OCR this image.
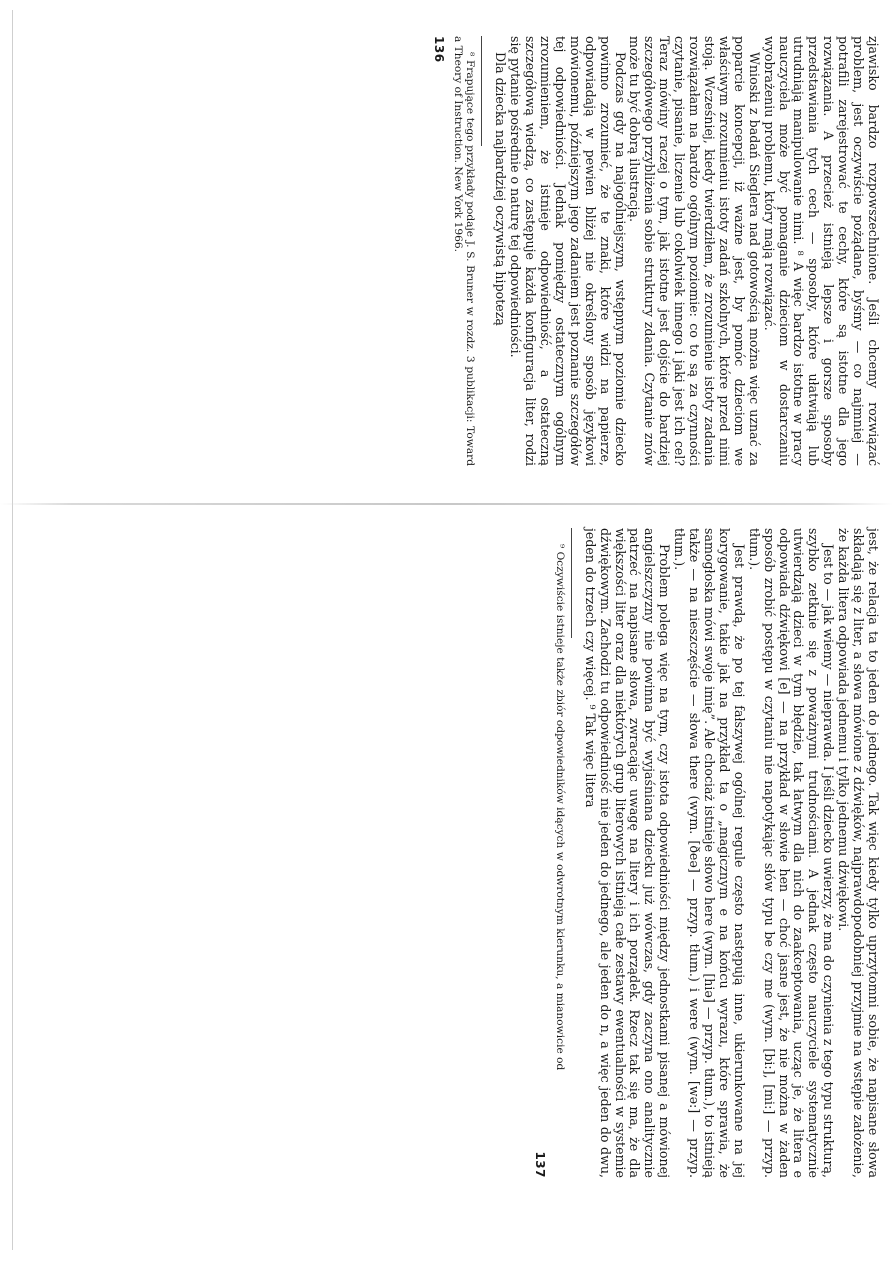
zjawisko bardzo rozpowszechnione. Jeśli chcemy rozwiązać problem, jest oczywiście pożądane, byśmy — co najmniej — potrafili zarejestrować te cechy, które są istotne dla jego rozwiązania. A przecież istnieją lepsze i gorsze sposoby przedstawiania tych cech — sposoby, które ułatwiają lub utrudniają manipulowanie nimi. ⁸ A więc bardzo istotne w pracy nauczyciela może być pomaganie dzieciom w dostarczaniu wyobrażeniu problemu, który mają rozwiązać.

Wnioski z badań Sieglera nad gotowością można więc uznać za poparcie koncepcji, iż ważne jest, by pomóc dzieciom we właściwym zrozumieniu istoty zadań szkolnych, które przed nimi stoją. Wcześniej, kiedy twierdziłem, że zrozumienie istoty zadania rozwiązałam na bardzo ogólnym poziomie: co to są za czynności czytanie, pisanie, liczenie lub cokolwiek innego i jaki jest ich cel? Teraz mówiny raczej o tym, jak istotne jest dojście do bardziej szczegółowego przybliżenia sobie struktury zdania. Czytanie znów może tu być dobrą ilustracją.

Podczas gdy na najogólniejszym, wstępnym poziomie dziecko powinno zrozumieć, że te znaki, które widzi na papierze, odpowiadają w pewien bliżej nie określony sposób językowi mówionemu, późniejszym jego zadaniem jest poznanie szczegółów tej odpowiedniości. Jednak pomiędzy ostatecznym ogólnym zrozumieniem, że istnieje odpowiedniość, a ostateczną szczegółową wiedzą, co zastępuje każda konfiguracja liter, rodzi się pytanie pośrednie o naturę tej odpowiedniości.

Dla dziecka najbardziej oczywistą hipotezą

⁸ Frapujące tego przykłady podaje J. S. Bruner w rozdz. 3 publikacji: Toward a Theory of Instruction. New York 1966.

136

jest, że relacja ta to jeden do jednego. Tak więc kiedy tylko uprzytomni sobie, że napisane słowa składają się z liter, a słowa mówione z dźwięków, najprawdopodobniej przyjmie na wstępie założenie, że każda litera odpowiada jednemu i tylko jednemu dźwiękowi.

Jest to — jak wiemy — nieprawda. I jeśli dziecko uwierzy, że ma do czynienia z tego typu strukturą, szybko zetknie się z poważnymi trudnościami. A jednak często nauczyciele systematycznie utwierdzają dzieci w tym błędzie, tak łatwym dla nich do zaakceptowania, ucząc je, że litera e odpowiada dźwiękowi [e] — na przykład w słowie hen — choć jasne jest, że nie można w żaden sposób zrobić postępu w czytaniu nie napotykając słów typu be czy me (wym. [bi:], [mi:] — przyp. tłum.).

Jest prawdą, że po tej fałszywej ogólnej regule często następują inne, ukierunkowane na jej korygowanie, takie jak na przykład ta o „magicznym e na końcu wyrazu, które sprawia, że samogłoska mówi swoje imię”. Ale chociaż istnieje słowo here (wym. [hiə] — przyp. tłum.), to istnieją także — na nieszczęście — słowa there (wym. [ðeə] — przyp. tłum.) i were (wym. [wə:] — przyp. tłum.).

Problem polega więc na tym, czy istota odpowiedniości między jednostkami pisanej a mówionej angielszczyzny nie powinna być wyjaśniana dziecku już wówczas, gdy zaczyna ono analitycznie patrzeć na napisane słowa, zwracając uwagę na litery i ich porządek. Rzecz tak się ma, że dla większości liter oraz dla niektórych grup literowych istnieją całe zestawy ewentualności w systemie dźwiękowym. Zachodzi tu odpowiedniość nie jeden do jednego, ale jeden do n, a więc jeden do dwu, jeden do trzech czy więcej. ⁹ Tak więc litera

⁹ Oczywiście istnieje także zbiór odpowiedników idących w odwrotnym kierunku, a mianowicie od

137
